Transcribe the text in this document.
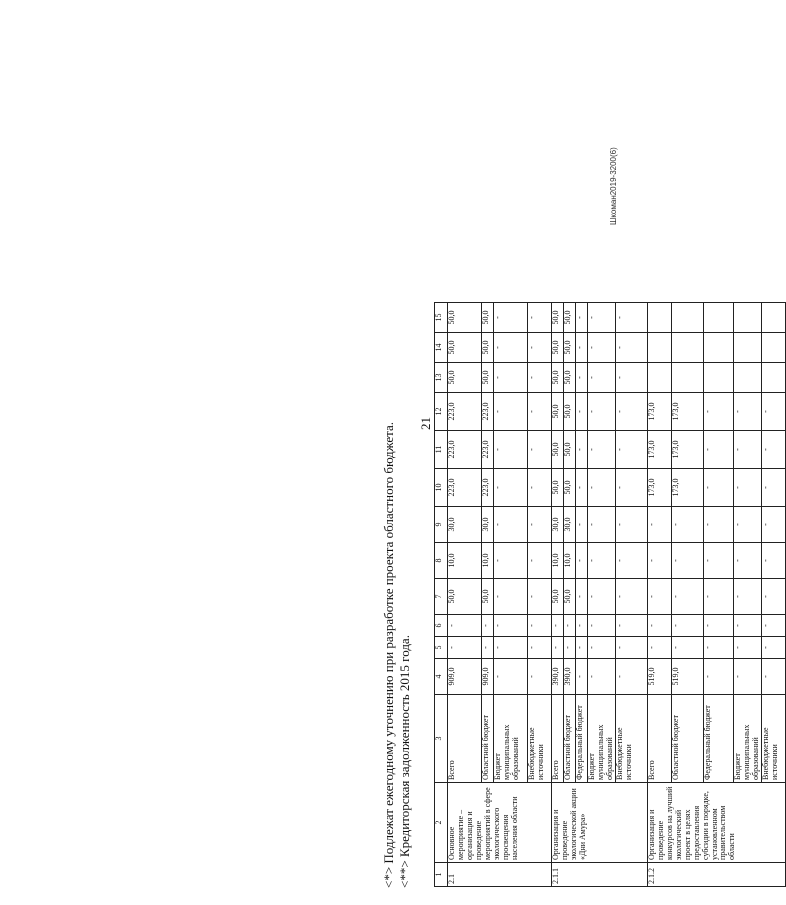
Шкоман2019-3200(6)
21
1	2	3	4	5	6	7	8	9	10	11	12	13	14	15
2.1	Основное мероприятие – организация и проведение мероприятий в сфере экологического просвещения населения области	Всего	909,0	-	-	50,0	10,0	30,0	223,0	223,0	223,0	50,0	50,0	50,0
		Областной бюджет	909,0	-	-	50,0	10,0	30,0	223,0	223,0	223,0	50,0	50,0	50,0
		Бюджет муниципальных образований	-	-	-	-	-	-	-	-	-	-	-	-
		Внебюджетные источники	-	-	-	-	-	-	-	-	-	-	-	-
2.1.1	Организация и проведение экологической акции «Дни Амура»	Всего	390,0	-	-	50,0	10,0	30,0	50,0	50,0	50,0	50,0	50,0	50,0
		Областной бюджет	390,0	-	-	50,0	10,0	30,0	50,0	50,0	50,0	50,0	50,0	50,0
		Федеральный бюджет	-	-	-	-	-	-	-	-	-	-	-	-
		Бюджет муниципальных образований	-	-	-	-	-	-	-	-	-	-	-	-
		Внебюджетные источники	-	-	-	-	-	-	-	-	-	-	-	-
2.1.2	Организация и проведение конкурсов на лучший экологический проект в целях предоставления субсидии в порядке, установленном правительством области	Всего	519,0	-	-	-	-	-	173,0	173,0	173,0			
		Областной бюджет	519,0	-	-	-	-	-	173,0	173,0	173,0			
		Федеральный бюджет	-	-	-	-	-	-	-	-	-			
		Бюджет муниципальных образований	-	-	-	-	-	-	-	-	-			
		Внебюджетные источники	-	-	-	-	-	-	-	-	-			
<*> Подлежат ежегодному уточнению при разработке проекта областного бюджета. <**> Кредиторская задолженность 2015 года.
